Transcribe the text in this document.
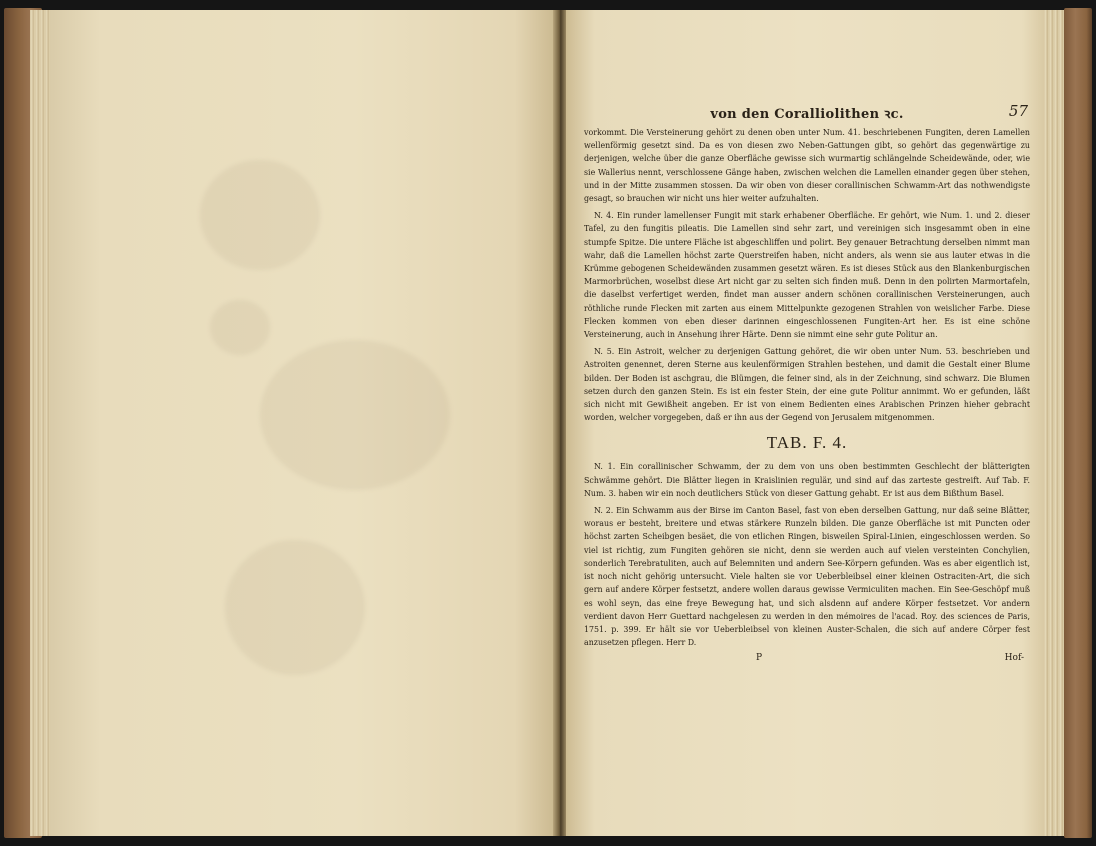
von den Coralliolithen ꝛc.	57

vorkommt. Die Versteinerung gehört zu denen oben unter Num. 41. beschriebenen Fungiten, deren Lamellen wellenförmig gesetzt sind. Da es von diesen zwo Neben-Gattungen gibt, so gehört das gegenwärtige zu derjenigen, welche über die ganze Oberfläche gewisse sich wurmartig schlängelnde Scheidewände, oder, wie sie Wallerius nennt, verschlossene Gänge haben, zwischen welchen die Lamellen einander gegen über stehen, und in der Mitte zusammen stossen. Da wir oben von dieser corallinischen Schwamm-Art das nothwendigste gesagt, so brauchen wir nicht uns hier weiter aufzuhalten.

N. 4. Ein runder lamellenser Fungit mit stark erhabener Oberfläche. Er gehört, wie Num. 1. und 2. dieser Tafel, zu den fungitis pileatis. Die Lamellen sind sehr zart, und vereinigen sich insgesammt oben in eine stumpfe Spitze. Die untere Fläche ist abgeschliffen und polirt. Bey genauer Betrachtung derselben nimmt man wahr, daß die Lamellen höchst zarte Querstreifen haben, nicht anders, als wenn sie aus lauter etwas in die Krümme gebogenen Scheidewänden zusammen gesetzt wären. Es ist dieses Stück aus den Blankenburgischen Marmorbrüchen, woselbst diese Art nicht gar zu selten sich finden muß. Denn in den polirten Marmortafeln, die daselbst verfertiget werden, findet man ausser andern schönen corallinischen Versteinerungen, auch röthliche runde Flecken mit zarten aus einem Mittelpunkte gezogenen Strahlen von weislicher Farbe. Diese Flecken kommen von eben dieser darinnen eingeschlossenen Fungiten-Art her. Es ist eine schöne Versteinerung, auch in Ansehung ihrer Härte. Denn sie nimmt eine sehr gute Politur an.

N. 5. Ein Astroit, welcher zu derjenigen Gattung gehöret, die wir oben unter Num. 53. beschrieben und Astroiten genennet, deren Sterne aus keulenförmigen Strahlen bestehen, und damit die Gestalt einer Blume bilden. Der Boden ist aschgrau, die Blümgen, die feiner sind, als in der Zeichnung, sind schwarz. Die Blumen setzen durch den ganzen Stein. Es ist ein fester Stein, der eine gute Politur annimmt. Wo er gefunden, läßt sich nicht mit Gewißheit angeben. Er ist von einem Bedienten eines Arabischen Prinzen hieher gebracht worden, welcher vorgegeben, daß er ihn aus der Gegend von Jerusalem mitgenommen.

TAB. F. 4.

N. 1. Ein corallinischer Schwamm, der zu dem von uns oben bestimmten Geschlecht der blätterigten Schwämme gehört. Die Blätter liegen in Kraislinien regulär, und sind auf das zarteste gestreift. Auf Tab. F. Num. 3. haben wir ein noch deutlichers Stück von dieser Gattung gehabt. Er ist aus dem Bißthum Basel.

N. 2. Ein Schwamm aus der Birse im Canton Basel, fast von eben derselben Gattung, nur daß seine Blätter, woraus er besteht, breitere und etwas stärkere Runzeln bilden. Die ganze Oberfläche ist mit Puncten oder höchst zarten Scheibgen besäet, die von etlichen Ringen, bisweilen Spiral-Linien, eingeschlossen werden. So viel ist richtig, zum Fungiten gehören sie nicht, denn sie werden auch auf vielen versteinten Conchylien, sonderlich Terebratuliten, auch auf Belemniten und andern See-Körpern gefunden. Was es aber eigentlich ist, ist noch nicht gehörig untersucht. Viele halten sie vor Ueberbleibsel einer kleinen Ostraciten-Art, die sich gern auf andere Körper festsetzt, andere wollen daraus gewisse Vermiculiten machen. Ein See-Geschöpf muß es wohl seyn, das eine freye Bewegung hat, und sich alsdenn auf andere Körper festsetzet. Vor andern verdient davon Herr Guettard nachgelesen zu werden in den mémoires de l'acad. Roy. des sciences de Paris, 1751. p. 399. Er hält sie vor Ueberbleibsel von kleinen Auster-Schalen, die sich auf andere Cörper fest anzusetzen pflegen. Herr D.

P	Hof-
